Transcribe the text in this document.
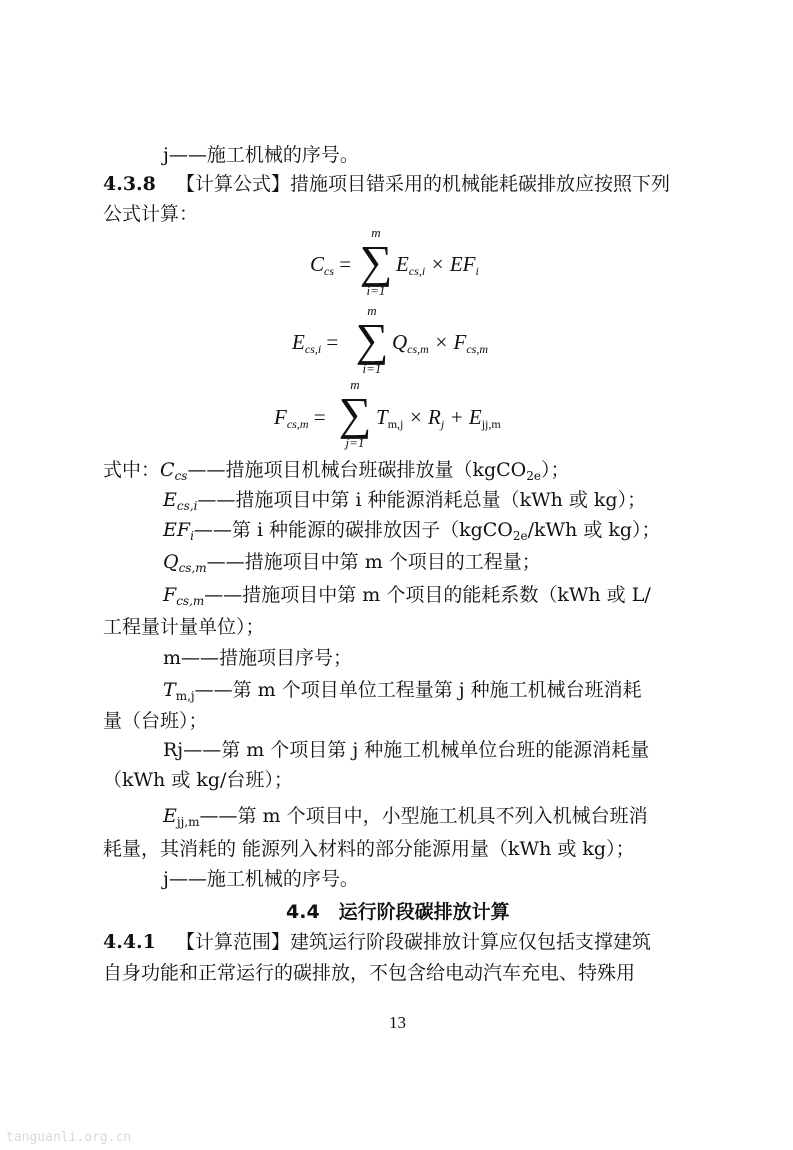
j——施工机械的序号。
4.3.8 【计算公式】措施项目错采用的机械能耗碳排放应按照下列
公式计算：
$C_{cs}$ =
m
∑
i=1
$E_{cs,i} \times EF_i$
$E_{cs,i}$ =
m
∑
i=1
$Q_{cs,m} \times F_{cs,m}$
$F_{cs,m}$ =
m
∑
j=1
$T_{m,j} \times R_j + E_{jj,m}$
式中：$C_{cs}——$措施项目机械台班碳排放量（kgCO$_{2e}$）；
$E_{cs,i}——$措施项目中第 i 种能源消耗总量（kWh 或 kg）；
$EF_i——$第 i 种能源的碳排放因子（kgCO$_{2e}$/kWh 或 kg）；
$Q_{cs,m}——$措施项目中第 m 个项目的工程量；
$F_{cs,m}——$措施项目中第 m 个项目的能耗系数（kWh 或 L/
工程量计量单位）；
m——措施项目序号；
$T_{m,j}——$第 m 个项目单位工程量第 j 种施工机械台班消耗
量（台班）；
Rj——第 m 个项目第 j 种施工机械单位台班的能源消耗量
（kWh 或 kg/台班）；
$E_{jj,m}——$第 m 个项目中，小型施工机具不列入机械台班消
耗量，其消耗的 能源列入材料的部分能源用量（kWh 或 kg）；
j——施工机械的序号。
4.4　运行阶段碳排放计算
4.4.1 【计算范围】建筑运行阶段碳排放计算应仅包括支撑建筑
自身功能和正常运行的碳排放，不包含给电动汽车充电、特殊用
13
tanguanli.org.cn
